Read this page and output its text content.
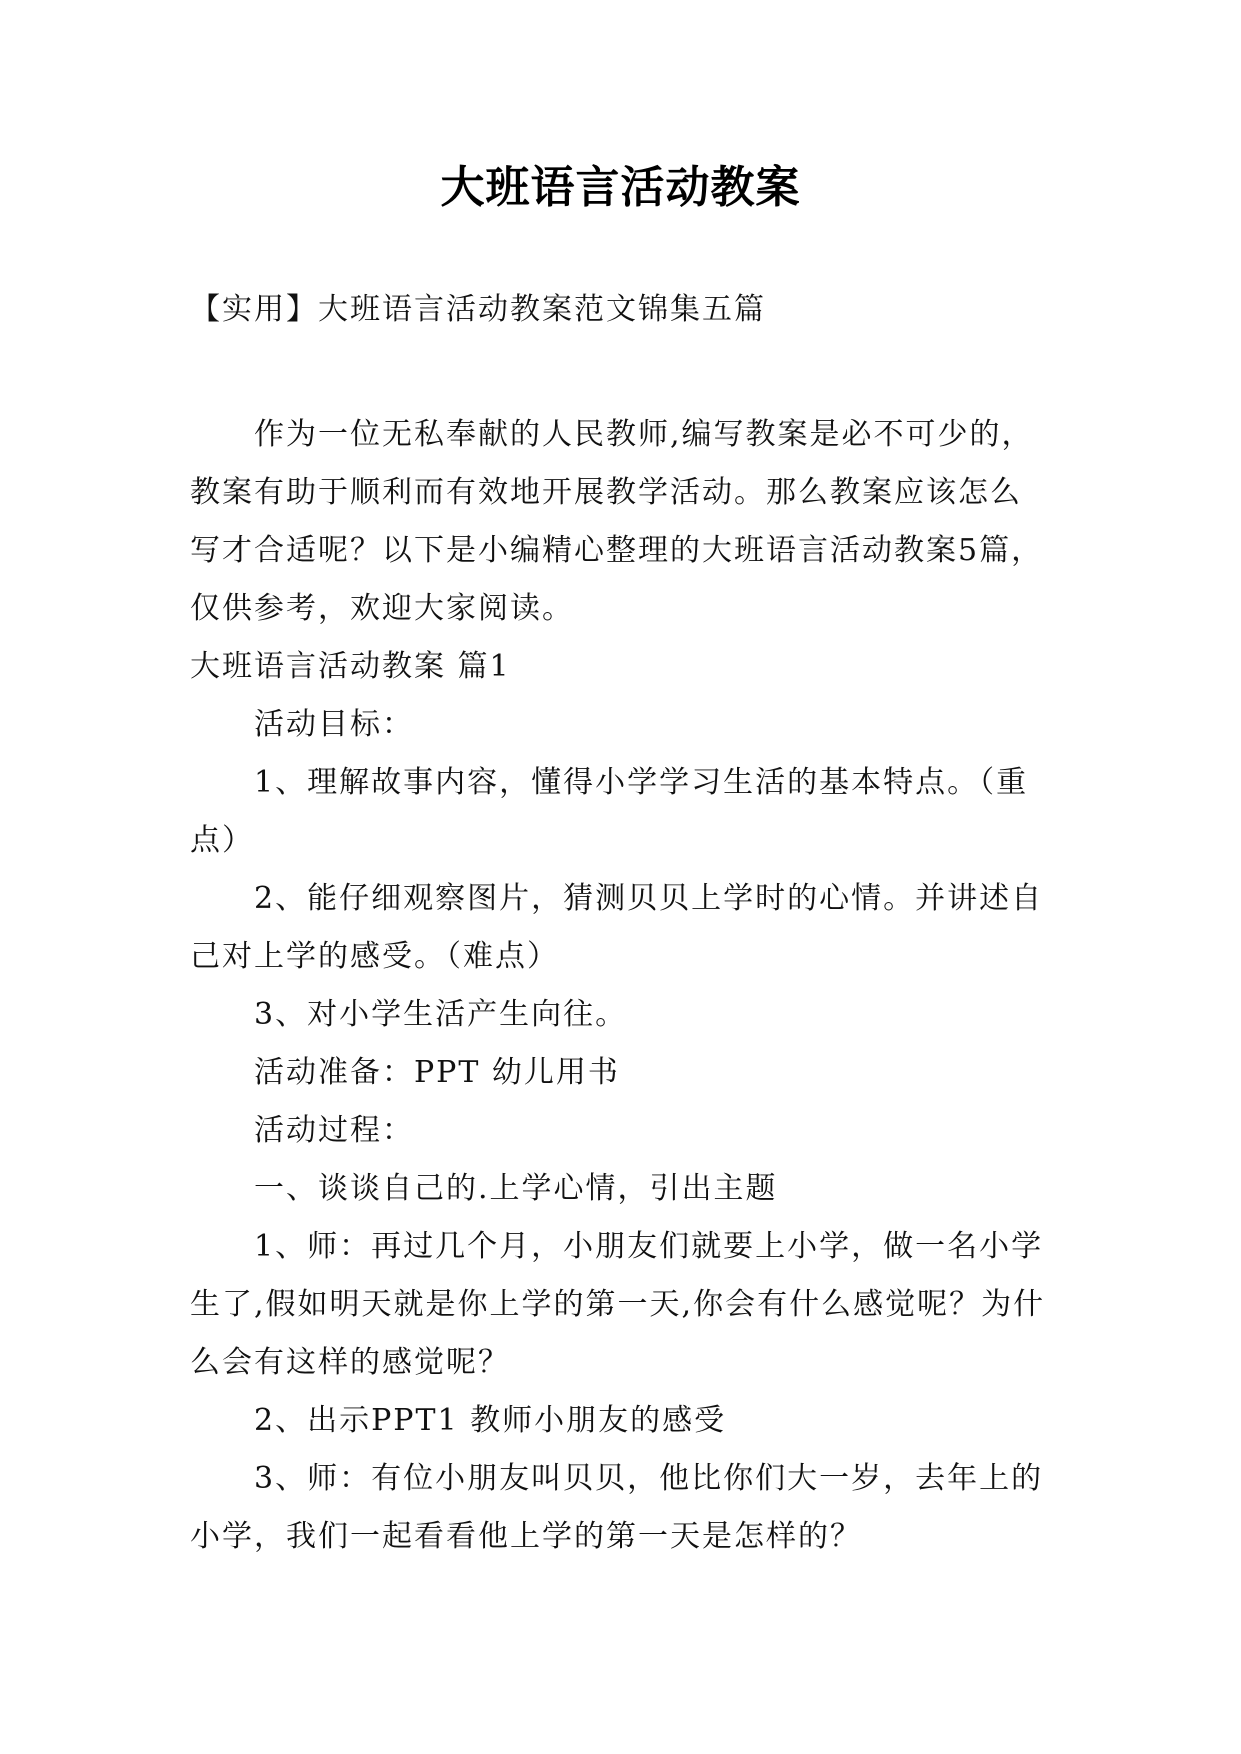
大班语言活动教案
【实用】大班语言活动教案范文锦集五篇

作为一位无私奉献的人民教师,编写教案是必不可少的，教案有助于顺利而有效地开展教学活动。那么教案应该怎么写才合适呢？以下是小编精心整理的大班语言活动教案5篇，仅供参考，欢迎大家阅读。

大班语言活动教案 篇1

活动目标：

1、理解故事内容，懂得小学学习生活的基本特点。（重点）

2、能仔细观察图片，猜测贝贝上学时的心情。并讲述自己对上学的感受。（难点）

3、对小学生活产生向往。

活动准备：PPT 幼儿用书

活动过程：

一、谈谈自己的.上学心情，引出主题

1、师：再过几个月，小朋友们就要上小学，做一名小学生了,假如明天就是你上学的第一天,你会有什么感觉呢？为什么会有这样的感觉呢？

2、出示PPT1 教师小朋友的感受

3、师：有位小朋友叫贝贝，他比你们大一岁，去年上的小学，我们一起看看他上学的第一天是怎样的？
